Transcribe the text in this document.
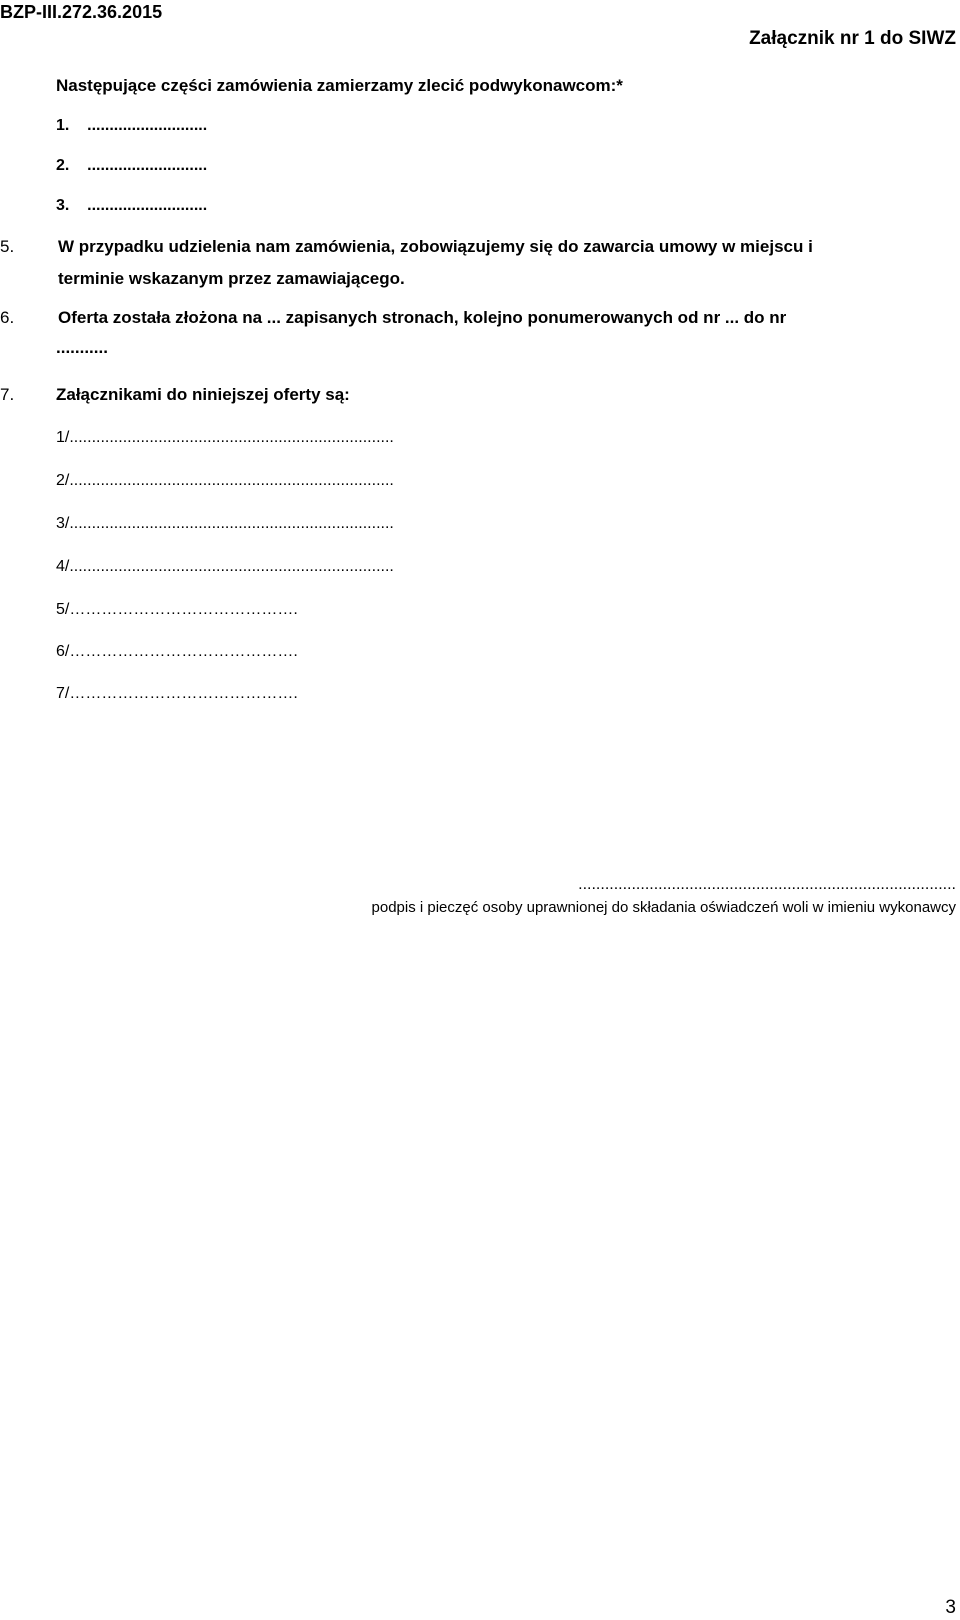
BZP-III.272.36.2015
Załącznik nr 1 do SIWZ
Następujące części zamówienia zamierzamy zlecić podwykonawcom:*
1.    ...........................
2.    ...........................
3.    ...........................
5.	W przypadku udzielenia nam zamówienia, zobowiązujemy się do zawarcia umowy w miejscu i
terminie wskazanym przez zamawiającego.
6.	Oferta została złożona na ... zapisanych stronach, kolejno ponumerowanych od nr ... do nr
...........
7. Załącznikami do niniejszej oferty są:
1/.........................................................................
2/.........................................................................
3/.........................................................................
4/.........................................................................
5/…………………………………….
6/…………………………………….
7/…………………………………….
.....................................................................................
podpis i pieczęć osoby uprawnionej do składania oświadczeń woli w imieniu wykonawcy
3
